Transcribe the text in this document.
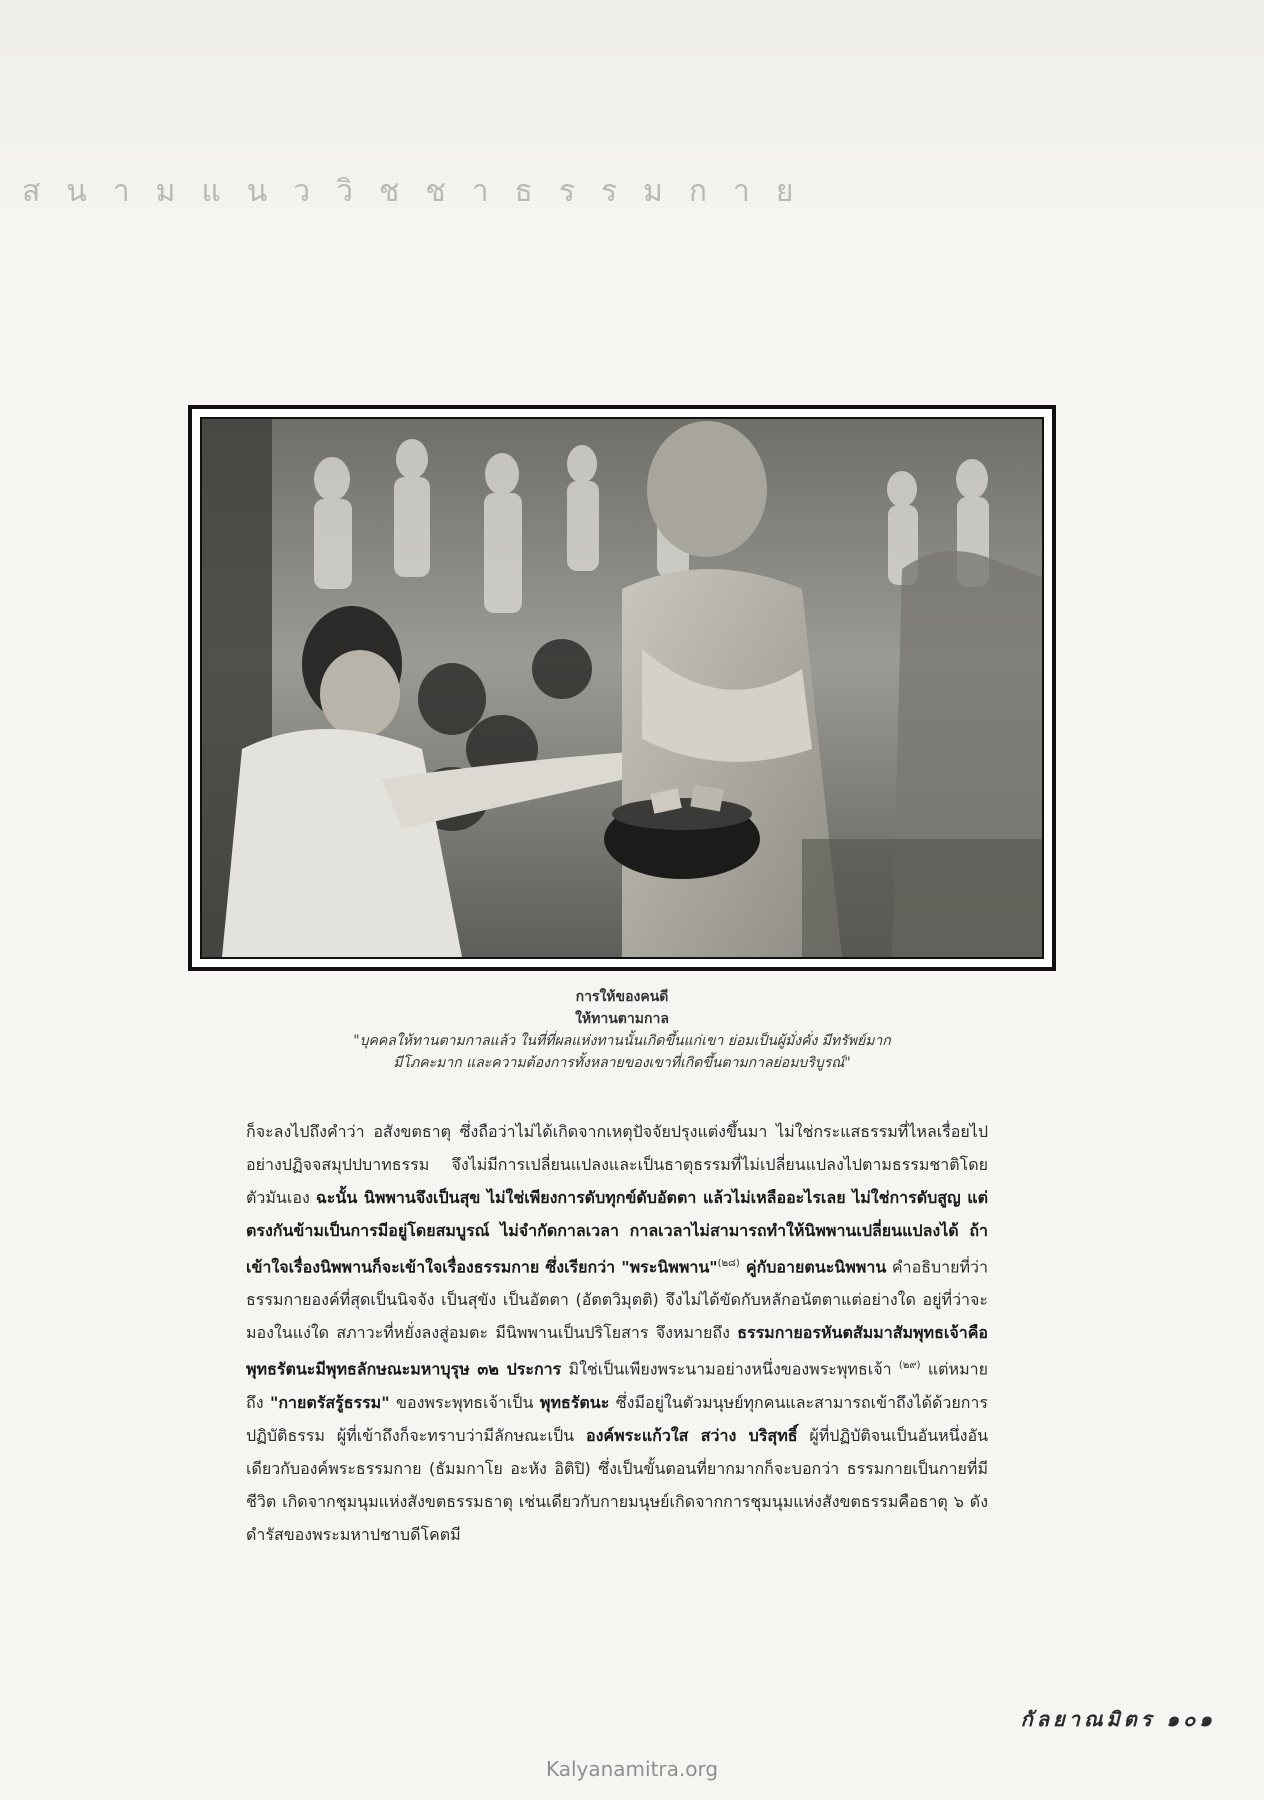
สนามแนววิชชาธรรมกาย
การให้ของคนดี
ให้ทานตามกาล
"บุคคลให้ทานตามกาลแล้ว ในที่ที่ผลแห่งทานนั้นเกิดขึ้นแก่เขา ย่อมเป็นผู้มั่งคั่ง มีทรัพย์มาก
มีโภคะมาก และความต้องการทั้งหลายของเขาที่เกิดขึ้นตามกาลย่อมบริบูรณ์"
ก็จะลงไปถึงคำว่า อสังขตธาตุ ซึ่งถือว่าไม่ได้เกิดจากเหตุปัจจัยปรุงแต่งขึ้นมา ไม่ใช่กระแสธรรมที่ไหลเรื่อยไปอย่างปฏิจจสมุปปบาทธรรม จึงไม่มีการเปลี่ยนแปลงและเป็นธาตุธรรมที่ไม่เปลี่ยนแปลงไปตามธรรมชาติโดยตัวมันเอง ฉะนั้น นิพพานจึงเป็นสุข ไม่ใช่เพียงการดับทุกข์ดับอัตตา แล้วไม่เหลืออะไรเลย ไม่ใช่การดับสูญ แต่ตรงกันข้ามเป็นการมีอยู่โดยสมบูรณ์ ไม่จำกัดกาลเวลา กาลเวลาไม่สามารถทำให้นิพพานเปลี่ยนแปลงได้ ถ้าเข้าใจเรื่องนิพพานก็จะเข้าใจเรื่องธรรมกาย ซึ่งเรียกว่า "พระนิพพาน"$^{(๒๘)}$ คู่กับอายตนะนิพพาน คำอธิบายที่ว่าธรรมกายองค์ที่สุดเป็นนิจจัง เป็นสุขัง เป็นอัตตา (อัตตวิมุตติ) จึงไม่ได้ขัดกับหลักอนัตตาแต่อย่างใด อยู่ที่ว่าจะมองในแง่ใด สภาวะที่หยั่งลงสู่อมตะ มีนิพพานเป็นปริโยสาร จึงหมายถึง ธรรมกายอรหันตสัมมาสัมพุทธเจ้าคือพุทธรัตนะมีพุทธลักษณะมหาบุรุษ ๓๒ ประการ มิใช่เป็นเพียงพระนามอย่างหนึ่งของพระพุทธเจ้า $^{(๒๙)}$ แต่หมายถึง "กายตรัสรู้ธรรม" ของพระพุทธเจ้าเป็น พุทธรัตนะ ซึ่งมีอยู่ในตัวมนุษย์ทุกคนและสามารถเข้าถึงได้ด้วยการปฏิบัติธรรม ผู้ที่เข้าถึงก็จะทราบว่ามีลักษณะเป็น องค์พระแก้วใส สว่าง บริสุทธิ์ ผู้ที่ปฏิบัติจนเป็นอันหนึ่งอันเดียวกับองค์พระธรรมกาย (ธัมมกาโย อะหัง อิติปิ) ซึ่งเป็นขั้นตอนที่ยากมากก็จะบอกว่า ธรรมกายเป็นกายที่มีชีวิต เกิดจากชุมนุมแห่งสังขตธรรมธาตุ เช่นเดียวกับกายมนุษย์เกิดจากการชุมนุมแห่งสังขตธรรมคือธาตุ ๖ ดังดำรัสของพระมหาปชาบดีโคตมี
กัลยาณมิตร ๑๐๑
Kalyanamitra.org
